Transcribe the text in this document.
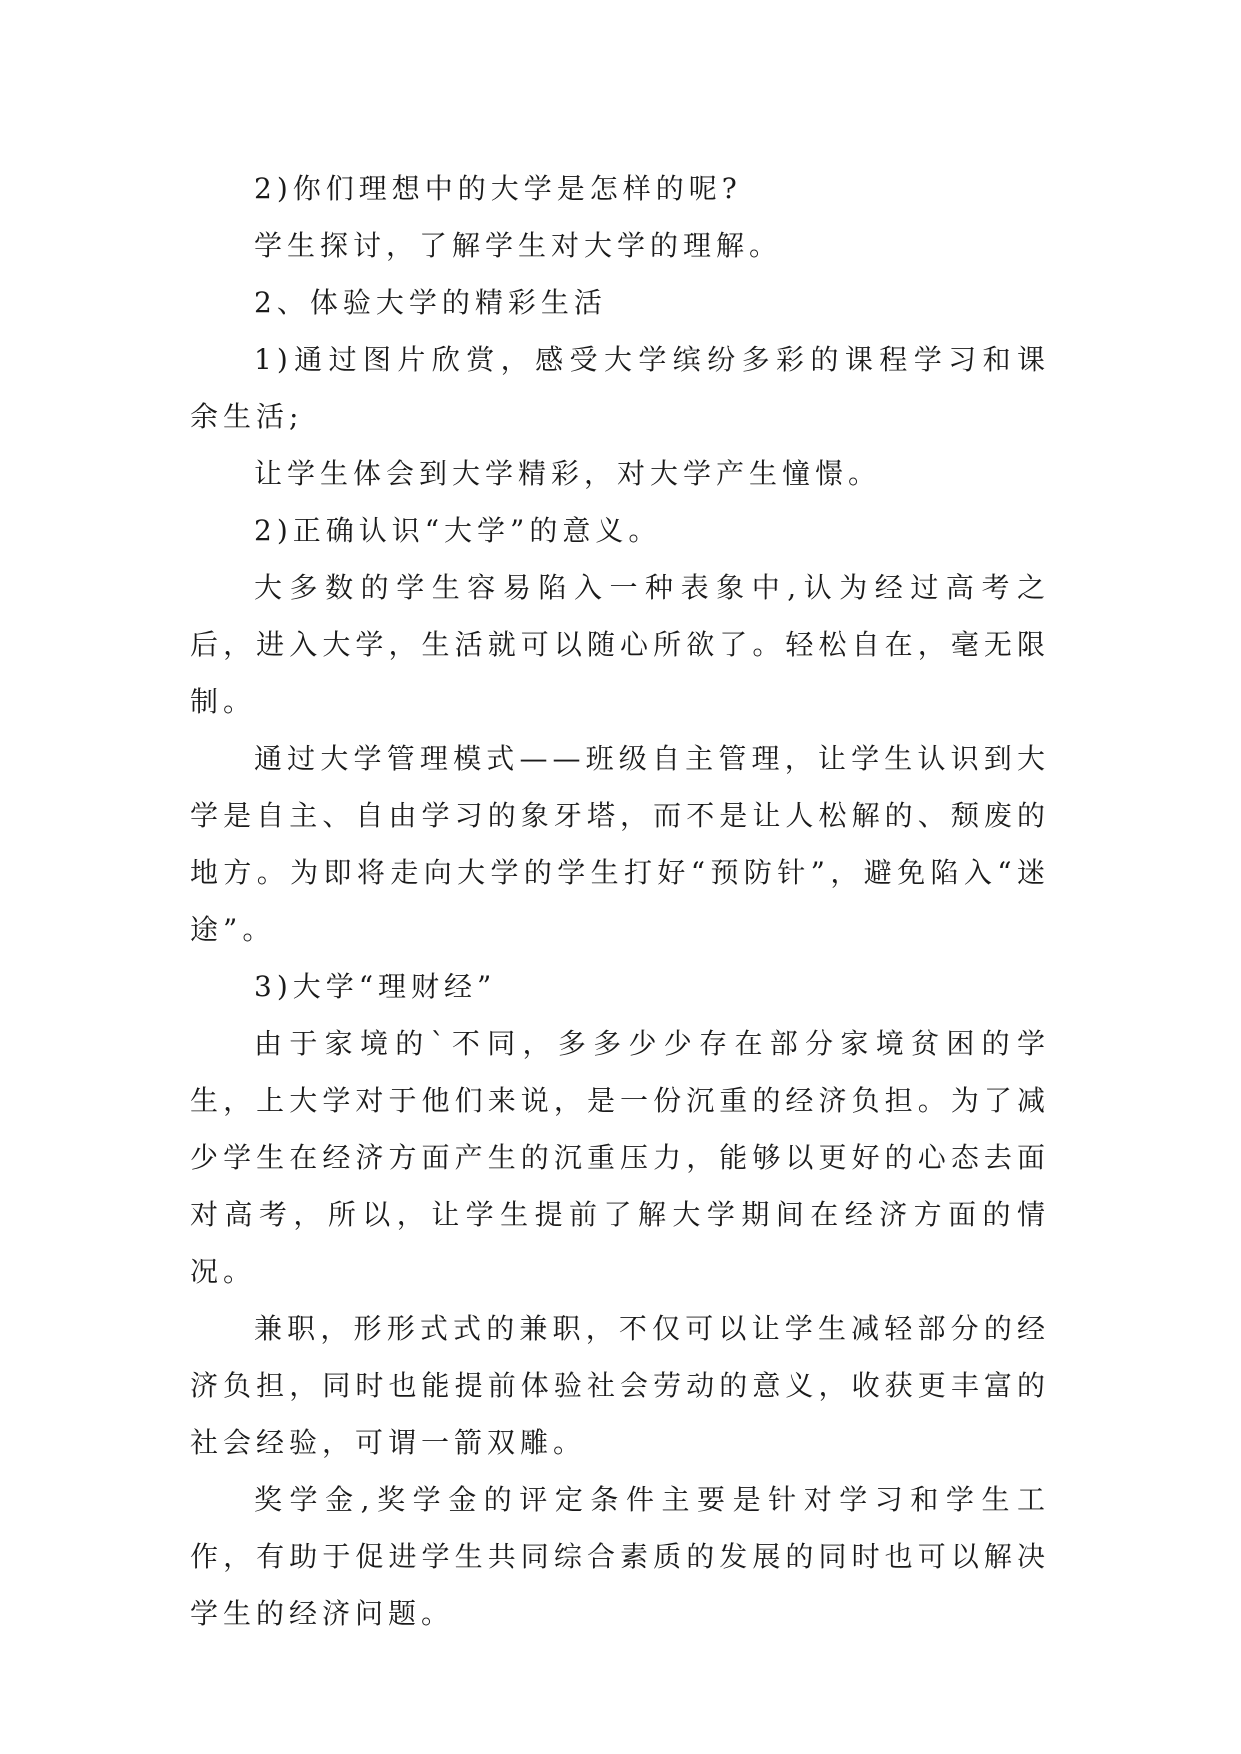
2)你们理想中的大学是怎样的呢?

学生探讨，了解学生对大学的理解。

2、体验大学的精彩生活

1)通过图片欣赏，感受大学缤纷多彩的课程学习和课余生活;

让学生体会到大学精彩，对大学产生憧憬。

2)正确认识“大学”的意义。

大多数的学生容易陷入一种表象中,认为经过高考之后，进入大学，生活就可以随心所欲了。轻松自在，毫无限制。

通过大学管理模式——班级自主管理，让学生认识到大学是自主、自由学习的象牙塔，而不是让人松解的、颓废的地方。为即将走向大学的学生打好“预防针”，避免陷入“迷途”。

3)大学“理财经”

由于家境的`不同，多多少少存在部分家境贫困的学生，上大学对于他们来说，是一份沉重的经济负担。为了减少学生在经济方面产生的沉重压力，能够以更好的心态去面对高考，所以，让学生提前了解大学期间在经济方面的情况。

兼职，形形式式的兼职，不仅可以让学生减轻部分的经济负担，同时也能提前体验社会劳动的意义，收获更丰富的社会经验，可谓一箭双雕。

奖学金,奖学金的评定条件主要是针对学习和学生工作，有助于促进学生共同综合素质的发展的同时也可以解决学生的经济问题。
